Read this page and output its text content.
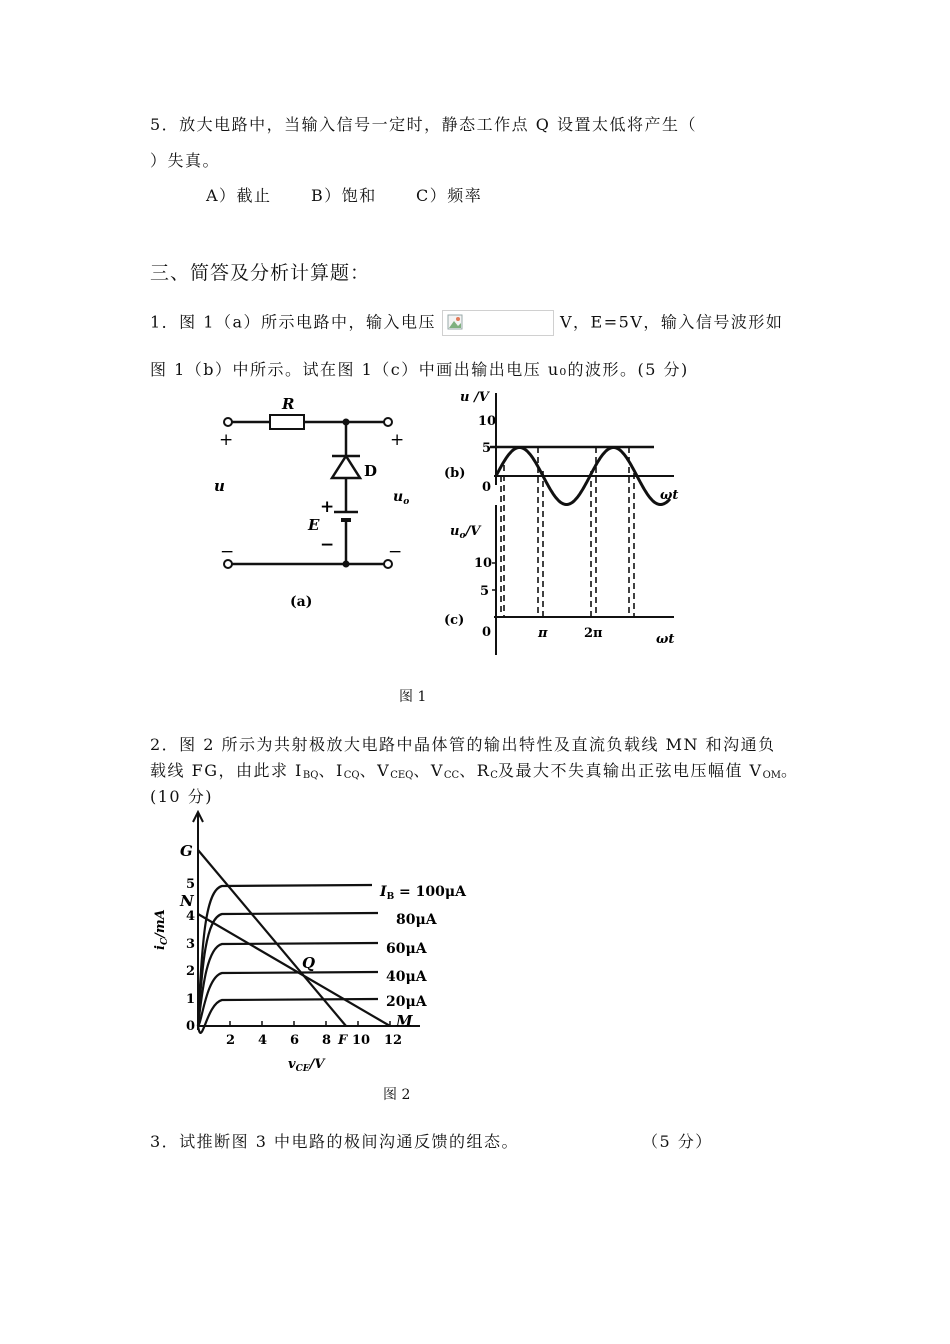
5．放大电路中，当输入信号一定时，静态工作点 Q 设置太低将产生（
）失真。
A）截止 B）饱和 C）频率
三、简答及分析计算题：
1．图 1（a）所示电路中，输入电压	V，E=5V，输入信号波形如
图 1（b）中所示。试在图 1（c）中画出输出电压 u₀的波形。(5 分)
R
D
E
+
−
+	+
−	−
u
$u_o$
(a)
u /V
10
5
0
(b)
ωt
$u_o/V$
10
5
0
(c)
π	2π	ωt
图 1
2．图 2 所示为共射极放大电路中晶体管的输出特性及直流负载线 MN 和沟通负
载线 FG，由此求 $I_{BQ}$、$I_{CQ}$、$V_{CEQ}$、$V_{CC}$、$R_C$及最大不失真输出正弦电压幅值 $V_{OM}$。
(10 分)
0
1
2
3
4
5
2 4 6 8 10 12
G
N
Q
F
M
$I_B = 100\mu A$
80μA
60μA
40μA
20μA
$i_C/mA$
$v_{CE}/V$
图 2
3．试推断图 3 中电路的极间沟通反馈的组态。	（5 分）
